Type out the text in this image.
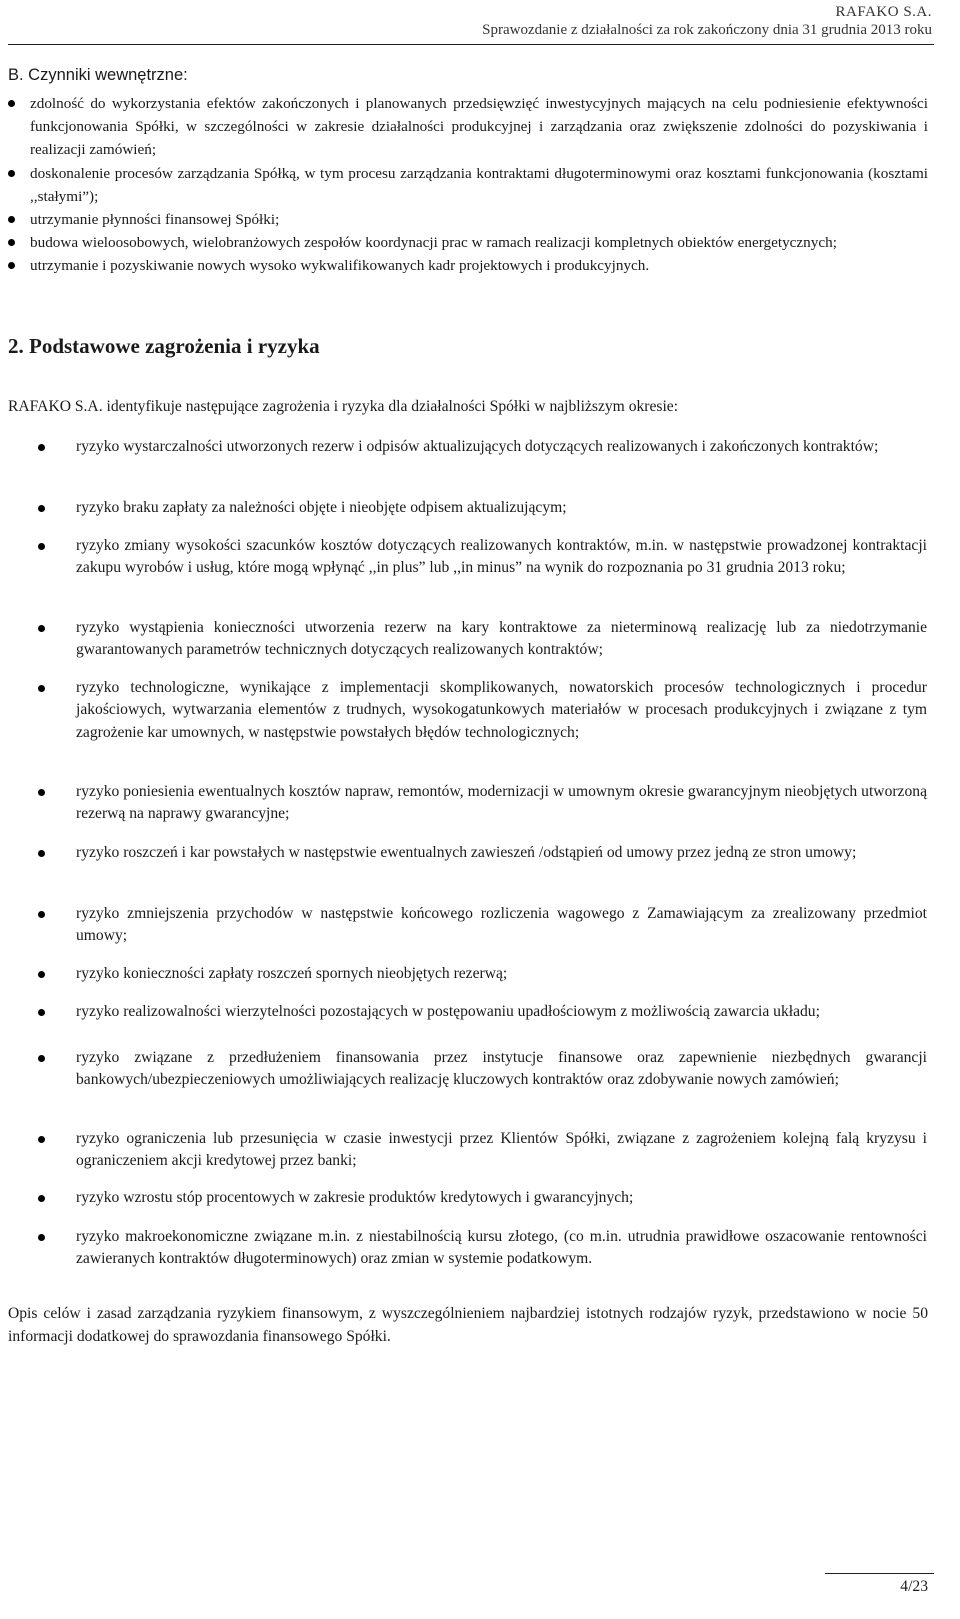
RAFAKO S.A.
Sprawozdanie z działalności za rok zakończony dnia 31 grudnia 2013 roku
B. Czynniki wewnętrzne:
zdolność do wykorzystania efektów zakończonych i planowanych przedsięwzięć inwestycyjnych mających na celu podniesienie efektywności funkcjonowania Spółki, w szczególności w zakresie działalności produkcyjnej i zarządzania oraz zwiększenie zdolności do pozyskiwania i realizacji zamówień;
doskonalenie procesów zarządzania Spółką, w tym procesu zarządzania kontraktami długoterminowymi oraz kosztami funkcjonowania (kosztami ,,stałymi”);
utrzymanie płynności finansowej Spółki;
budowa wieloosobowych, wielobranżowych zespołów koordynacji prac w ramach realizacji kompletnych obiektów energetycznych;
utrzymanie i pozyskiwanie nowych wysoko wykwalifikowanych kadr projektowych i produkcyjnych.
2. Podstawowe zagrożenia i ryzyka
RAFAKO S.A. identyfikuje następujące zagrożenia i ryzyka dla działalności Spółki w najbliższym okresie:
ryzyko wystarczalności utworzonych rezerw i odpisów aktualizujących dotyczących realizowanych i zakończonych kontraktów;
ryzyko braku zapłaty za należności objęte i nieobjęte odpisem aktualizującym;
ryzyko zmiany wysokości szacunków kosztów dotyczących realizowanych kontraktów, m.in. w następstwie prowadzonej kontraktacji zakupu wyrobów i usług, które mogą wpłynąć ,,in plus” lub ,,in minus” na wynik do rozpoznania po 31 grudnia 2013 roku;
ryzyko wystąpienia konieczności utworzenia rezerw na kary kontraktowe za nieterminową realizację lub za niedotrzymanie gwarantowanych parametrów technicznych dotyczących realizowanych kontraktów;
ryzyko technologiczne, wynikające z implementacji skomplikowanych, nowatorskich procesów technologicznych i procedur jakościowych, wytwarzania elementów z trudnych, wysokogatunkowych materiałów w procesach produkcyjnych i związane z tym zagrożenie kar umownych, w następstwie powstałych błędów technologicznych;
ryzyko poniesienia ewentualnych kosztów napraw, remontów, modernizacji w umownym okresie gwarancyjnym nieobjętych utworzoną rezerwą na naprawy gwarancyjne;
ryzyko roszczeń i kar powstałych w następstwie ewentualnych zawieszeń /odstąpień od umowy przez jedną ze stron umowy;
ryzyko zmniejszenia przychodów w następstwie końcowego rozliczenia wagowego z Zamawiającym za zrealizowany przedmiot umowy;
ryzyko konieczności zapłaty roszczeń spornych nieobjętych rezerwą;
ryzyko realizowalności wierzytelności pozostających w postępowaniu upadłościowym z możliwością zawarcia układu;
ryzyko związane z przedłużeniem finansowania przez instytucje finansowe oraz zapewnienie niezbędnych gwarancji bankowych/ubezpieczeniowych umożliwiających realizację kluczowych kontraktów oraz zdobywanie nowych zamówień;
ryzyko ograniczenia lub przesunięcia w czasie inwestycji przez Klientów Spółki, związane z zagrożeniem kolejną falą kryzysu i ograniczeniem akcji kredytowej przez banki;
ryzyko wzrostu stóp procentowych w zakresie produktów kredytowych i gwarancyjnych;
ryzyko makroekonomiczne związane m.in. z niestabilnością kursu złotego, (co m.in. utrudnia prawidłowe oszacowanie rentowności zawieranych kontraktów długoterminowych) oraz zmian w systemie podatkowym.
Opis celów i zasad zarządzania ryzykiem finansowym, z wyszczególnieniem najbardziej istotnych rodzajów ryzyk, przedstawiono w nocie 50 informacji dodatkowej do sprawozdania finansowego Spółki.
4/23
